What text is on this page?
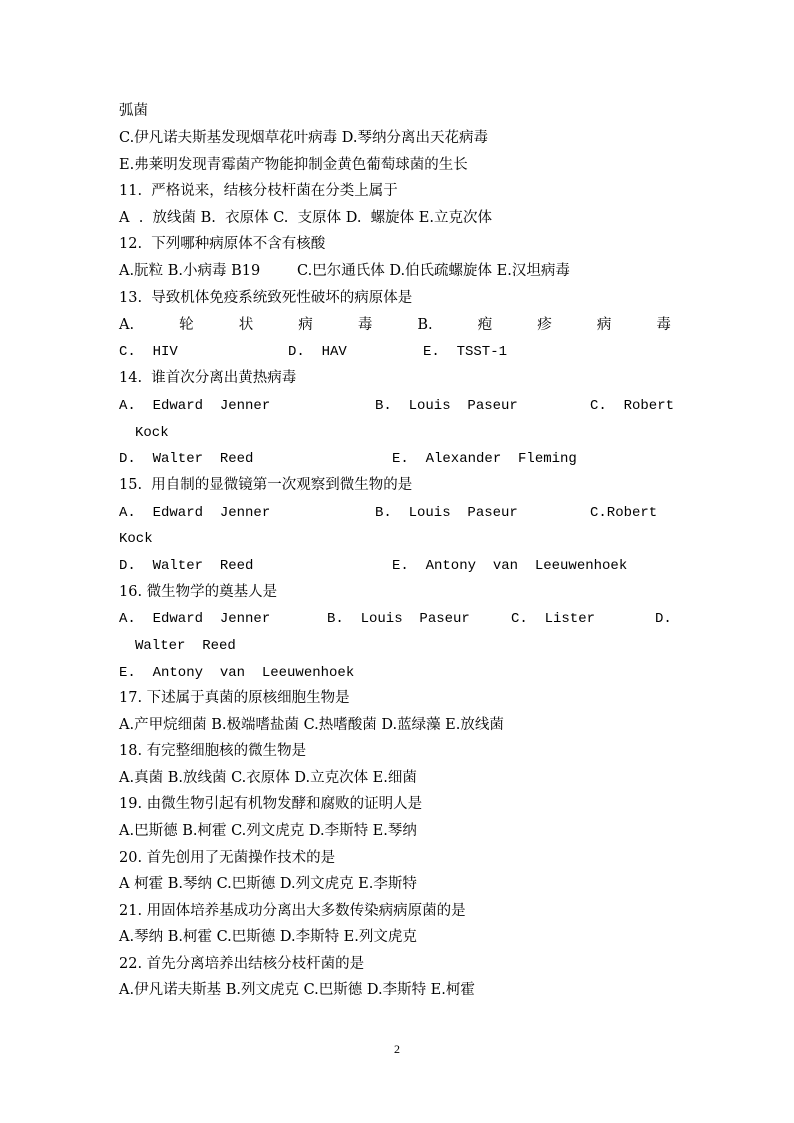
弧菌
C.伊凡诺夫斯基发现烟草花叶病毒 D.琴纳分离出天花病毒
E.弗莱明发现青霉菌产物能抑制金黄色葡萄球菌的生长
11.  严格说来，结核分枝杆菌在分类上属于
A  .  放线菌 B.  衣原体 C.  支原体 D.  螺旋体 E.立克次体
12.  下列哪种病原体不含有核酸
A.朊粒 B.小病毒 B19        C.巴尔通氏体 D.伯氏疏螺旋体 E.汉坦病毒
13.  导致机体免疫系统致死性破坏的病原体是
A.	轮	状	病	毒	B.	疱	疹	病	毒
C.  HIV	D.  HAV	E.  TSST-1
14.  谁首次分离出黄热病毒
A.  Edward  Jenner	B.  Louis  Paseur	C.  Robert
Kock
D.  Walter  Reed	E.  Alexander  Fleming
15.  用自制的显微镜第一次观察到微生物的是
A.  Edward  Jenner	B.  Louis  Paseur	C.Robert
Kock
D.  Walter  Reed	E.  Antony  van  Leeuwenhoek
16. 微生物学的奠基人是
A.  Edward  Jenner	B.  Louis  Paseur	C.  Lister	D.
Walter  Reed
E.  Antony  van  Leeuwenhoek
17. 下述属于真菌的原核细胞生物是
A.产甲烷细菌 B.极端嗜盐菌 C.热嗜酸菌 D.蓝绿藻 E.放线菌
18. 有完整细胞核的微生物是
A.真菌 B.放线菌 C.衣原体 D.立克次体 E.细菌
19. 由微生物引起有机物发酵和腐败的证明人是
A.巴斯德 B.柯霍 C.列文虎克 D.李斯特 E.琴纳
20. 首先创用了无菌操作技术的是
A 柯霍 B.琴纳 C.巴斯德 D.列文虎克 E.李斯特
21. 用固体培养基成功分离出大多数传染病病原菌的是
A.琴纳 B.柯霍 C.巴斯德 D.李斯特 E.列文虎克
22. 首先分离培养出结核分枝杆菌的是
A.伊凡诺夫斯基 B.列文虎克 C.巴斯德 D.李斯特 E.柯霍
2
